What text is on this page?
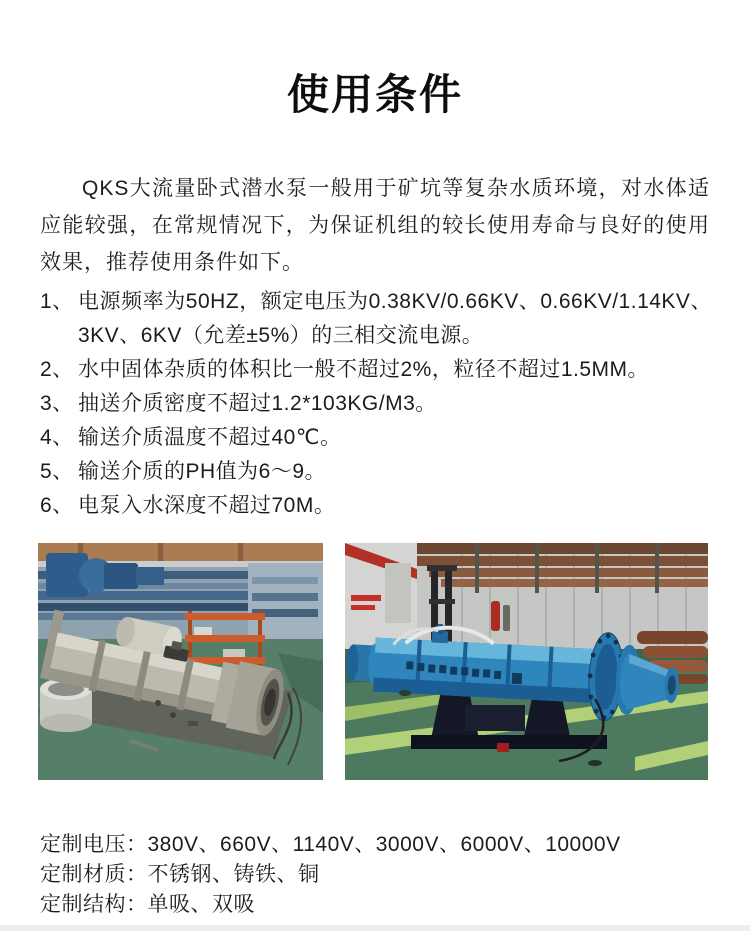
使用条件

QKS大流量卧式潜水泵一般用于矿坑等复杂水质环境，对水体适应能较强，在常规情况下，为保证机组的较长使用寿命与良好的使用效果，推荐使用条件如下。

1、 电源频率为50HZ，额定电压为0.38KV/0.66KV、0.66KV/1.14KV、3KV、6KV（允差±5%）的三相交流电源。
2、 水中固体杂质的体积比一般不超过2%，粒径不超过1.5MM。
3、 抽送介质密度不超过1.2*103KG/M3。
4、 输送介质温度不超过40℃。
5、 输送介质的PH值为6～9。
6、 电泵入水深度不超过70M。
定制电压：380V、660V、1140V、3000V、6000V、10000V
定制材质：不锈钢、铸铁、铜
定制结构：单吸、双吸
